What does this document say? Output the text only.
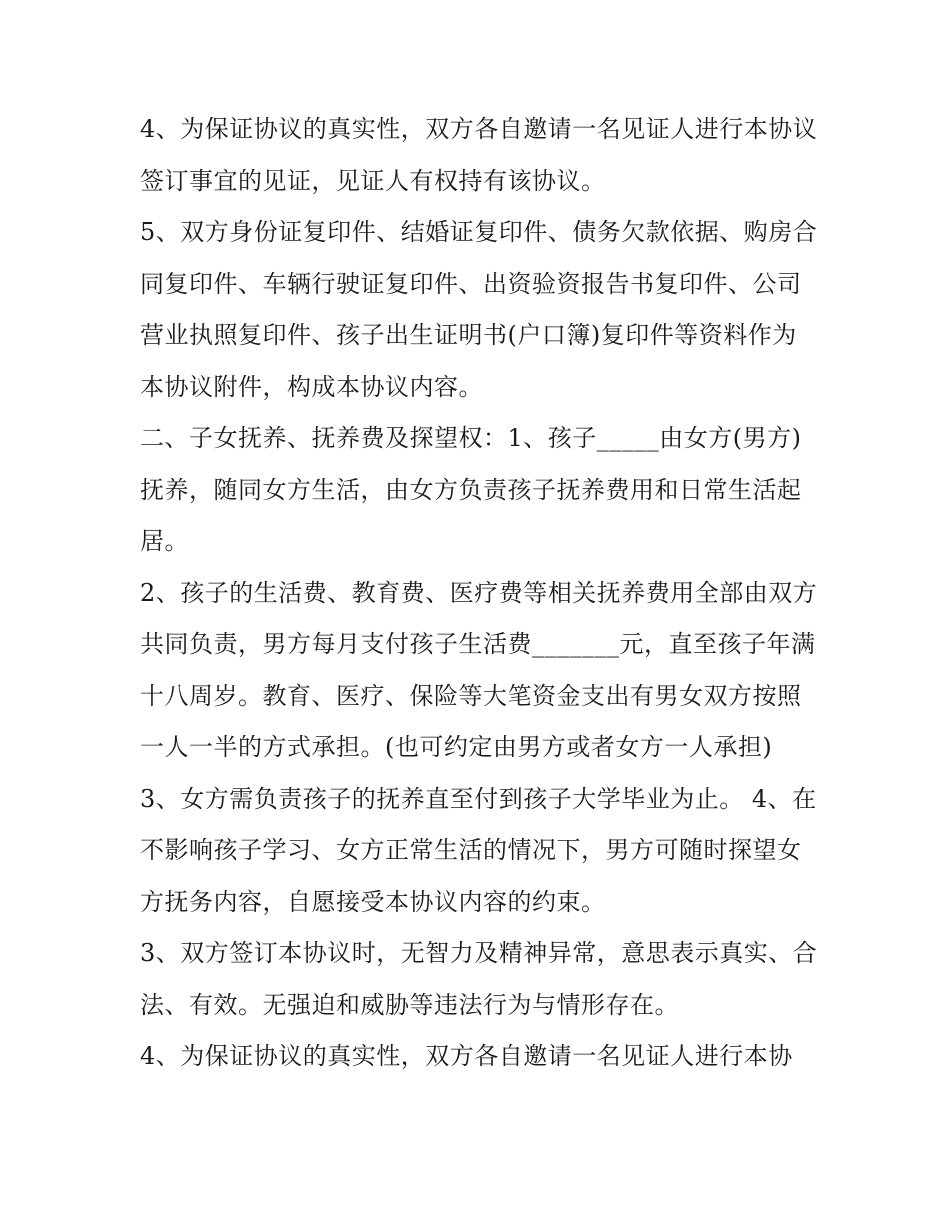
4、为保证协议的真实性，双方各自邀请一名见证人进行本协议签订事宜的见证，见证人有权持有该协议。

5、双方身份证复印件、结婚证复印件、债务欠款依据、购房合同复印件、车辆行驶证复印件、出资验资报告书复印件、公司营业执照复印件、孩子出生证明书(户口簿)复印件等资料作为本协议附件，构成本协议内容。

二、子女抚养、抚养费及探望权：1、孩子_____由女方(男方)抚养，随同女方生活，由女方负责孩子抚养费用和日常生活起居。

2、孩子的生活费、教育费、医疗费等相关抚养费用全部由双方共同负责，男方每月支付孩子生活费_______元，直至孩子年满十八周岁。教育、医疗、保险等大笔资金支出有男女双方按照一人一半的方式承担。(也可约定由男方或者女方一人承担)

3、女方需负责孩子的抚养直至付到孩子大学毕业为止。 4、在不影响孩子学习、女方正常生活的情况下，男方可随时探望女方抚务内容，自愿接受本协议内容的约束。

3、双方签订本协议时，无智力及精神异常，意思表示真实、合法、有效。无强迫和威胁等违法行为与情形存在。

4、为保证协议的真实性，双方各自邀请一名见证人进行本协
